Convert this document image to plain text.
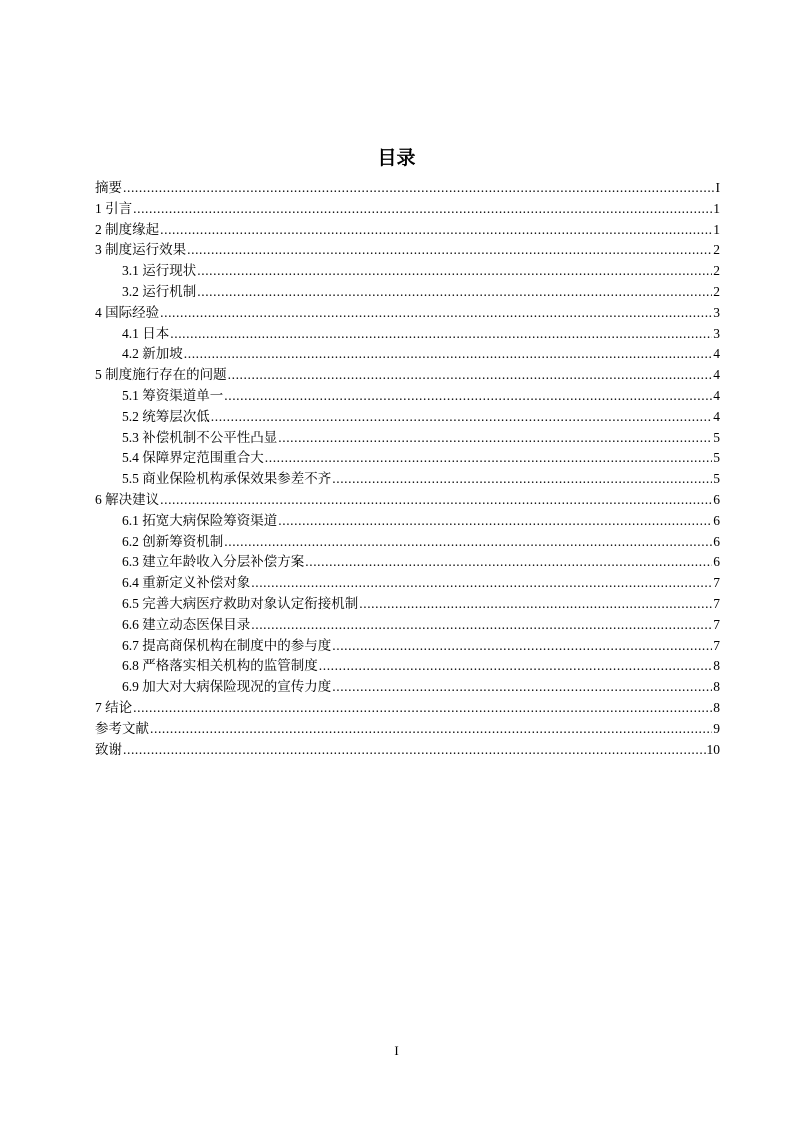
目录
摘要 .....	I
1 引言 .....	1
2 制度缘起 .....	1
3 制度运行效果 .....	2
3.1 运行现状 .....	2
3.2 运行机制 .....	2
4 国际经验 .....	3
4.1 日本 .....	3
4.2 新加坡 .....	4
5 制度施行存在的问题 .....	4
5.1 筹资渠道单一 .....	4
5.2 统筹层次低 .....	4
5.3 补偿机制不公平性凸显 .....	5
5.4 保障界定范围重合大 .....	5
5.5 商业保险机构承保效果参差不齐 .....	5
6 解决建议 .....	6
6.1 拓宽大病保险筹资渠道 .....	6
6.2 创新筹资机制 .....	6
6.3 建立年龄收入分层补偿方案 .....	6
6.4 重新定义补偿对象 .....	7
6.5 完善大病医疗救助对象认定衔接机制 .....	7
6.6 建立动态医保目录 .....	7
6.7 提高商保机构在制度中的参与度 .....	7
6.8 严格落实相关机构的监管制度 .....	8
6.9 加大对大病保险现况的宣传力度 .....	8
7 结论 .....	8
参考文献 .....	9
致谢 .....	10
I
